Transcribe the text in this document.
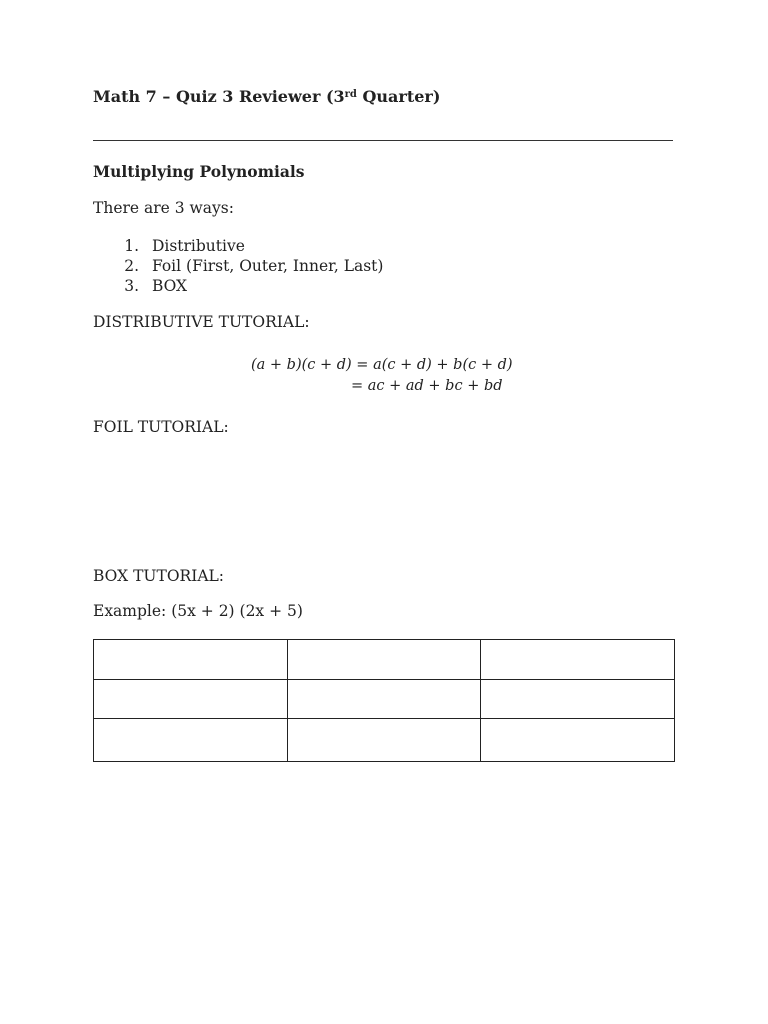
Math 7 – Quiz 3 Reviewer (3rd Quarter)
Multiplying Polynomials
There are 3 ways:
1. Distributive
2. Foil (First, Outer, Inner, Last)
3. BOX
DISTRIBUTIVE TUTORIAL:
(a + b)(c + d) = a(c + d) + b(c + d)
= ac + ad + bc + bd
FOIL TUTORIAL:
BOX TUTORIAL:
Example: (5x + 2) (2x + 5)
